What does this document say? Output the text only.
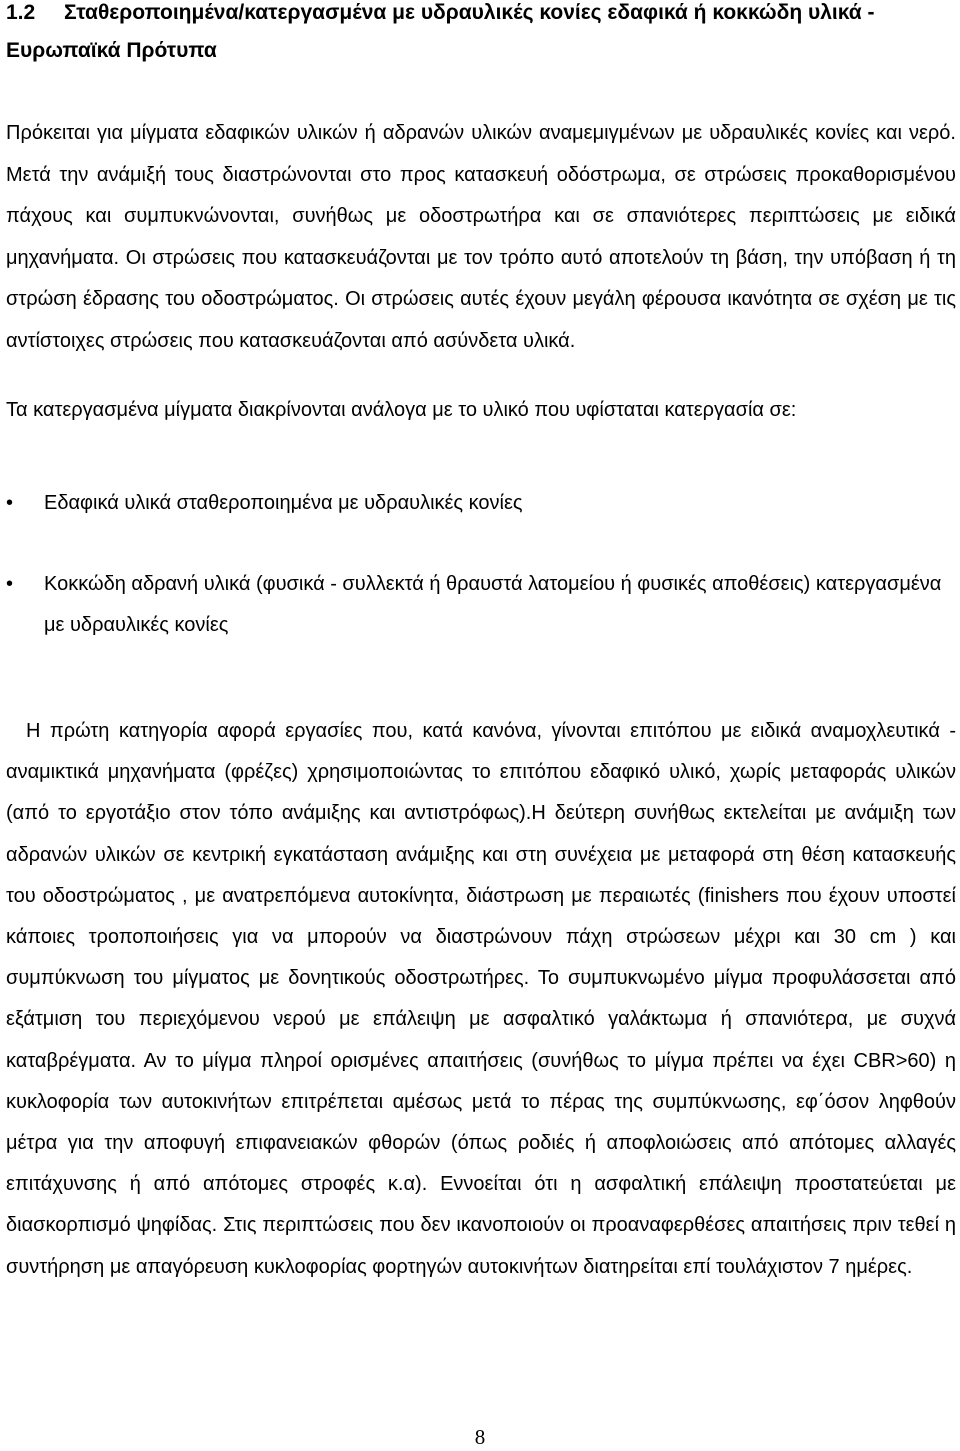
1.2 Σταθεροποιημένα/κατεργασμένα με υδραυλικές κονίες εδαφικά ή κοκκώδη υλικά - Ευρωπαϊκά Πρότυπα

Πρόκειται για μίγματα εδαφικών υλικών ή αδρανών υλικών αναμεμιγμένων με υδραυλικές κονίες και νερό. Μετά την ανάμιξή τους διαστρώνονται στο προς κατασκευή οδόστρωμα, σε στρώσεις προκαθορισμένου πάχους και συμπυκνώνονται, συνήθως με οδοστρωτήρα και σε σπανιότερες περιπτώσεις με ειδικά μηχανήματα. Οι στρώσεις που κατασκευάζονται με τον τρόπο αυτό αποτελούν τη βάση, την υπόβαση ή τη στρώση έδρασης του οδοστρώματος. Οι στρώσεις αυτές έχουν μεγάλη φέρουσα ικανότητα σε σχέση με τις αντίστοιχες στρώσεις που κατασκευάζονται από ασύνδετα υλικά.

Τα κατεργασμένα μίγματα διακρίνονται ανάλογα με το υλικό που υφίσταται κατεργασία σε:

•	Εδαφικά υλικά σταθεροποιημένα με υδραυλικές κονίες
•	Κοκκώδη αδρανή υλικά (φυσικά - συλλεκτά ή θραυστά λατομείου ή φυσικές αποθέσεις) κατεργασμένα με υδραυλικές κονίες

Η πρώτη κατηγορία αφορά εργασίες που, κατά κανόνα, γίνονται επιτόπου με ειδικά αναμοχλευτικά - αναμικτικά μηχανήματα (φρέζες) χρησιμοποιώντας το επιτόπου εδαφικό υλικό, χωρίς μεταφοράς υλικών (από το εργοτάξιο στον τόπο ανάμιξης και αντιστρόφως).Η δεύτερη συνήθως εκτελείται με ανάμιξη των αδρανών υλικών σε κεντρική εγκατάσταση ανάμιξης και στη συνέχεια με μεταφορά στη θέση κατασκευής του οδοστρώματος , με ανατρεπόμενα αυτοκίνητα, διάστρωση με περαιωτές (finishers που έχουν υποστεί κάποιες τροποποιήσεις για να μπορούν να διαστρώνουν πάχη στρώσεων μέχρι και 30 cm ) και συμπύκνωση του μίγματος με δονητικούς οδοστρωτήρες. Το συμπυκνωμένο μίγμα προφυλάσσεται από εξάτμιση του περιεχόμενου νερού με επάλειψη με ασφαλτικό γαλάκτωμα ή σπανιότερα, με συχνά καταβρέγματα. Αν το μίγμα πληροί ορισμένες απαιτήσεις (συνήθως το μίγμα πρέπει να έχει CBR>60) η κυκλοφορία των αυτοκινήτων επιτρέπεται αμέσως μετά το πέρας της συμπύκνωσης, εφ΄όσον ληφθούν μέτρα για την αποφυγή επιφανειακών φθορών (όπως ροδιές ή αποφλοιώσεις από απότομες αλλαγές επιτάχυνσης ή από απότομες στροφές κ.α). Εννοείται ότι η ασφαλτική επάλειψη προστατεύεται με διασκορπισμό ψηφίδας. Στις περιπτώσεις που δεν ικανοποιούν οι προαναφερθέσες απαιτήσεις πριν τεθεί η συντήρηση με απαγόρευση κυκλοφορίας φορτηγών αυτοκινήτων διατηρείται επί τουλάχιστον 7 ημέρες.

8
